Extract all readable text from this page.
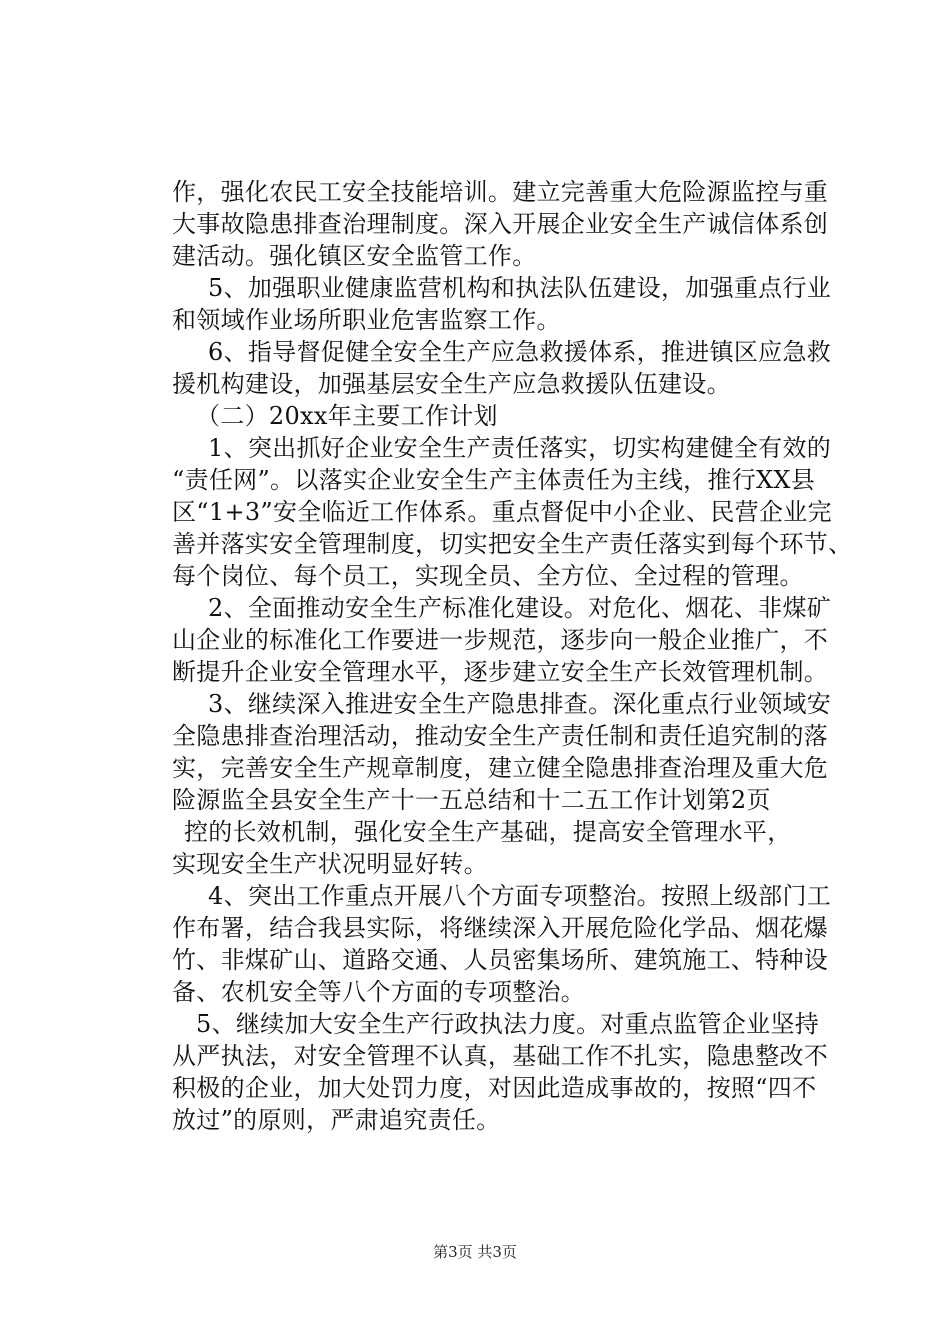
作，强化农民工安全技能培训。建立完善重大危险源监控与重
大事故隐患排查治理制度。深入开展企业安全生产诚信体系创
建活动。强化镇区安全监管工作。
5、加强职业健康监营机构和执法队伍建设，加强重点行业
和领域作业场所职业危害监察工作。
6、指导督促健全安全生产应急救援体系，推进镇区应急救
援机构建设，加强基层安全生产应急救援队伍建设。
（二）20xx年主要工作计划
1、突出抓好企业安全生产责任落实，切实构建健全有效的
“责任网”。以落实企业安全生产主体责任为主线，推行XX县
区“1+3”安全临近工作体系。重点督促中小企业、民营企业完
善并落实安全管理制度，切实把安全生产责任落实到每个环节、
每个岗位、每个员工，实现全员、全方位、全过程的管理。
2、全面推动安全生产标准化建设。对危化、烟花、非煤矿
山企业的标准化工作要进一步规范，逐步向一般企业推广，不
断提升企业安全管理水平，逐步建立安全生产长效管理机制。
3、继续深入推进安全生产隐患排查。深化重点行业领域安
全隐患排查治理活动，推动安全生产责任制和责任追究制的落
实，完善安全生产规章制度，建立健全隐患排查治理及重大危
险源监全县安全生产十一五总结和十二五工作计划第2页
控的长效机制，强化安全生产基础，提高安全管理水平，
实现安全生产状况明显好转。
4、突出工作重点开展八个方面专项整治。按照上级部门工
作布署，结合我县实际，将继续深入开展危险化学品、烟花爆
竹、非煤矿山、道路交通、人员密集场所、建筑施工、特种设
备、农机安全等八个方面的专项整治。
5、继续加大安全生产行政执法力度。对重点监管企业坚持
从严执法，对安全管理不认真，基础工作不扎实，隐患整改不
积极的企业，加大处罚力度，对因此造成事故的，按照“四不
放过”的原则，严肃追究责任。
第3页 共3页
